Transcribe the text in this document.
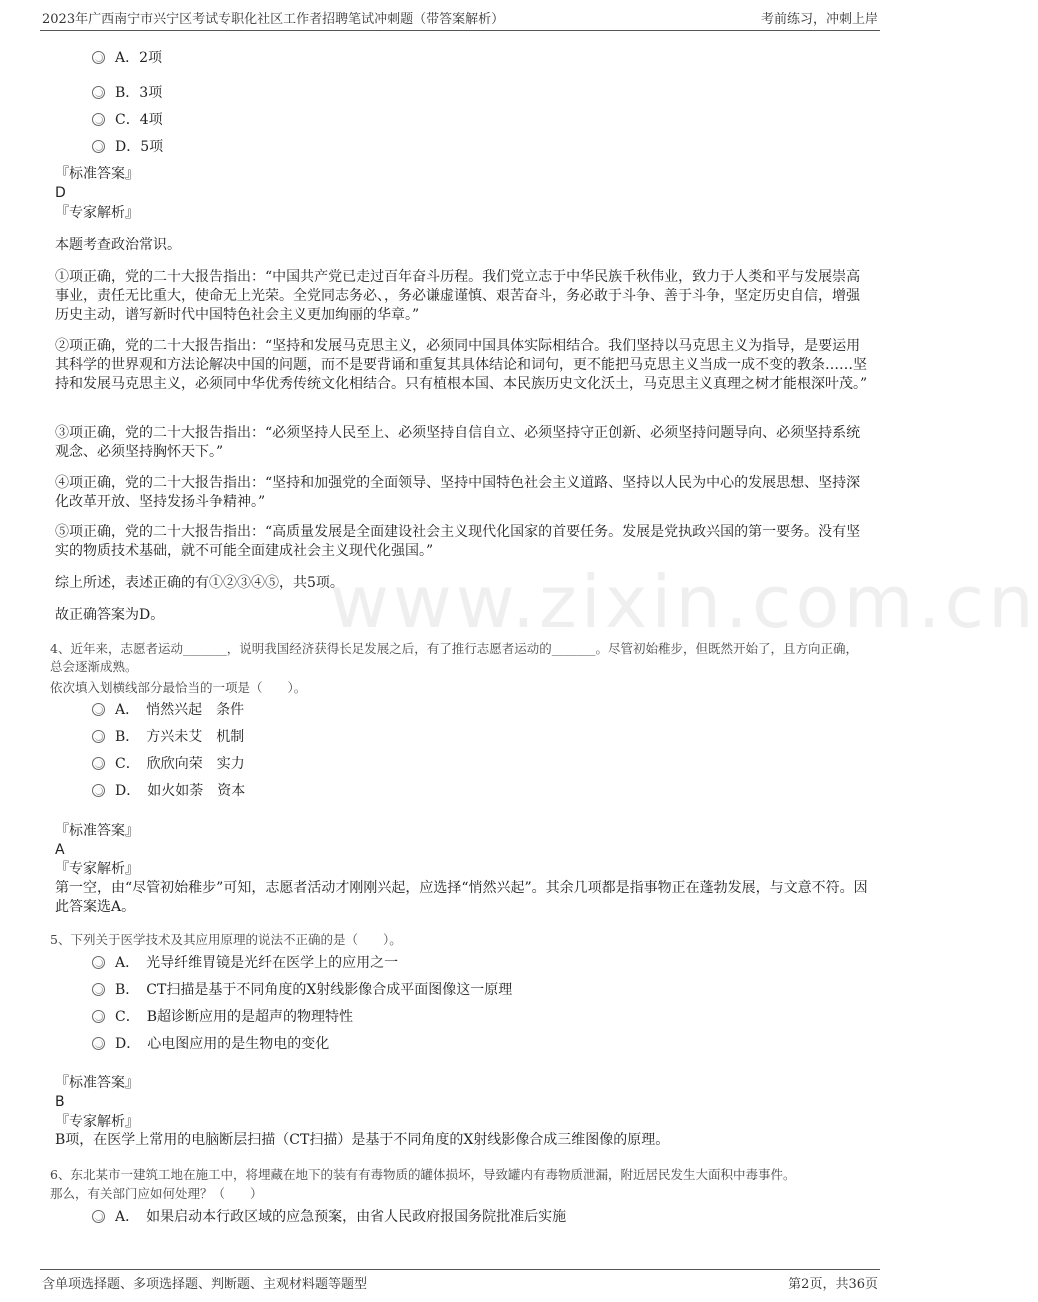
2023年广西南宁市兴宁区考试专职化社区工作者招聘笔试冲刺题（带答案解析）	考前练习，冲刺上岸
www.zixin.com.cn
A．2项
B．3项
C．4项
D．5项
『标准答案』
D
『专家解析』
本题考查政治常识。
①项正确，党的二十大报告指出：“中国共产党已走过百年奋斗历程。我们党立志于中华民族千秋伟业，致力于人类和平与发展崇高事业，责任无比重大，使命无上光荣。全党同志务必、，务必谦虚谨慎、艰苦奋斗，务必敢于斗争、善于斗争，坚定历史自信，增强历史主动，谱写新时代中国特色社会主义更加绚丽的华章。”
②项正确，党的二十大报告指出：“坚持和发展马克思主义，必须同中国具体实际相结合。我们坚持以马克思主义为指导，是要运用其科学的世界观和方法论解决中国的问题，而不是要背诵和重复其具体结论和词句，更不能把马克思主义当成一成不变的教条……坚持和发展马克思主义，必须同中华优秀传统文化相结合。只有植根本国、本民族历史文化沃土，马克思主义真理之树才能根深叶茂。”
③项正确，党的二十大报告指出：“必须坚持人民至上、必须坚持自信自立、必须坚持守正创新、必须坚持问题导向、必须坚持系统观念、必须坚持胸怀天下。”
④项正确，党的二十大报告指出：“坚持和加强党的全面领导、坚持中国特色社会主义道路、坚持以人民为中心的发展思想、坚持深化改革开放、坚持发扬斗争精神。”
⑤项正确，党的二十大报告指出：“高质量发展是全面建设社会主义现代化国家的首要任务。发展是党执政兴国的第一要务。没有坚实的物质技术基础，就不可能全面建成社会主义现代化强国。”
综上所述，表述正确的有①②③④⑤，共5项。
故正确答案为D。
4、近年来，志愿者运动_______，说明我国经济获得长足发展之后，有了推行志愿者运动的_______。尽管初始稚步，但既然开始了，且方向正确，总会逐渐成熟。
依次填入划横线部分最恰当的一项是（　　）。
A．　悄然兴起　条件
B．　方兴未艾　机制
C．　欣欣向荣　实力
D．　如火如荼　资本
『标准答案』
A
『专家解析』
第一空，由“尽管初始稚步”可知，志愿者活动才刚刚兴起，应选择“悄然兴起”。其余几项都是指事物正在蓬勃发展，与文意不符。因此答案选A。
5、下列关于医学技术及其应用原理的说法不正确的是（　　）。
A．　光导纤维胃镜是光纤在医学上的应用之一
B．　CT扫描是基于不同角度的X射线影像合成平面图像这一原理
C．　B超诊断应用的是超声的物理特性
D．　心电图应用的是生物电的变化
『标准答案』
B
『专家解析』
B项，在医学上常用的电脑断层扫描（CT扫描）是基于不同角度的X射线影像合成三维图像的原理。
6、东北某市一建筑工地在施工中，将埋藏在地下的装有有毒物质的罐体损坏，导致罐内有毒物质泄漏，附近居民发生大面积中毒事件。
那么，有关部门应如何处理？（　　）
A．　如果启动本行政区域的应急预案，由省人民政府报国务院批准后实施
含单项选择题、多项选择题、判断题、主观材料题等题型	第2页，共36页
